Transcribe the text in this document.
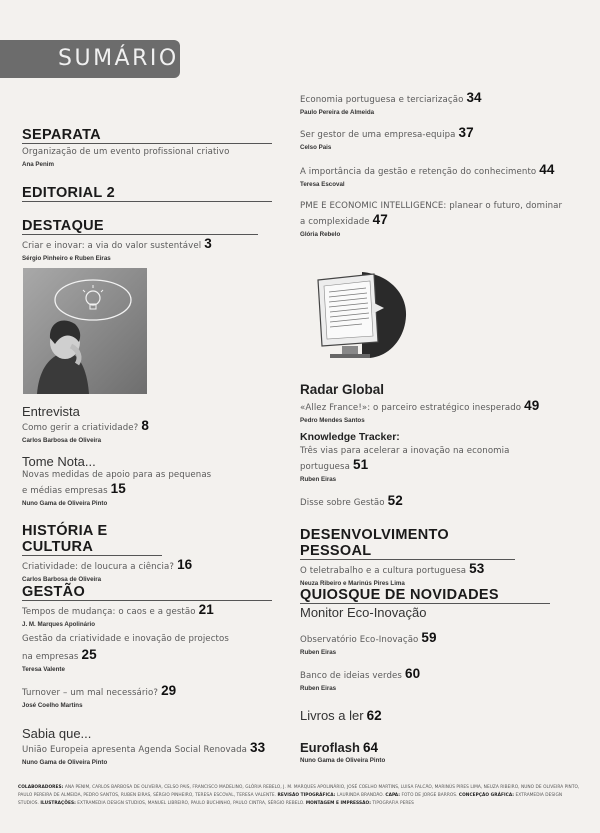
SUMÁRIO
SEPARATA
Organização de um evento profissional criativo
Ana Penim
EDITORIAL 2
DESTAQUE
Criar e inovar: a via do valor sustentável 3
Sérgio Pinheiro e Ruben Eiras
Entrevista
Como gerir a criatividade? 8
Carlos Barbosa de Oliveira
Tome Nota...
Novas medidas de apoio para as pequenas
e médias empresas 15
Nuno Gama de Oliveira Pinto
HISTÓRIA E CULTURA
Criatividade: de loucura a ciência? 16
Carlos Barbosa de Oliveira
GESTÃO
Tempos de mudança: o caos e a gestão 21
J. M. Marques Apolinário
Gestão da criatividade e inovação de projectos
na empresas 25
Teresa Valente
Turnover – um mal necessário? 29
José Coelho Martins
Sabia que...
União Europeia apresenta Agenda Social Renovada 33
Nuno Gama de Oliveira Pinto
Economia portuguesa e terciarização 34
Paulo Pereira de Almeida
Ser gestor de uma empresa-equipa 37
Celso Pais
A importância da gestão e retenção do conhecimento 44
Teresa Escoval
PME E ECONOMIC INTELLIGENCE: planear o futuro, dominar
a complexidade 47
Glória Rebelo
Radar Global
«Allez France!»: o parceiro estratégico inesperado 49
Pedro Mendes Santos
Knowledge Tracker:
Três vias para acelerar a inovação na economia
portuguesa 51
Ruben Eiras
Disse sobre Gestão 52
DESENVOLVIMENTO PESSOAL
O teletrabalho e a cultura portuguesa 53
Neuza Ribeiro e Marinús Pires Lima
QUIOSQUE DE NOVIDADES
Monitor Eco-Inovação
Observatório Eco-Inovação 59
Ruben Eiras
Banco de ideias verdes 60
Ruben Eiras
Livros a ler 62
Euroflash 64
Nuno Gama de Oliveira Pinto
COLABORADORES: ANA PENIM, CARLOS BARBOSA DE OLIVEIRA, CELSO PAIS, FRANCISCO MADELINO, GLÓRIA REBELO, J. M. MARQUES APOLINÁRIO, JOSÉ COELHO MARTINS, LUISA FALCÃO, MARINÚS PIRES LIMA, NEUZA RIBEIRO, NUNO DE OLIVEIRA PINTO, PAULO PEREIRA DE ALMEIDA, PEDRO SANTOS, RUBEN EIRAS, SÉRGIO PINHEIRO, TERESA ESCOVAL, TERESA VALENTE. REVISÃO TIPOGRÁFICA: LAURINDA BRANDÃO. CAPA: FOTO DE JORGE BARROS. CONCEPÇÃO GRÁFICA: EXTRAMEDIA DESIGN STUDIOS. ILUSTRAÇÕES: EXTRAMEDIA DESIGN STUDIOS, MANUEL LIBREIRO, PAULO BUCHINHO, PAULO CINTRA, SÉRGIO REBELO. MONTAGEM E IMPRESSÃO: TIPOGRAFIA PERES
